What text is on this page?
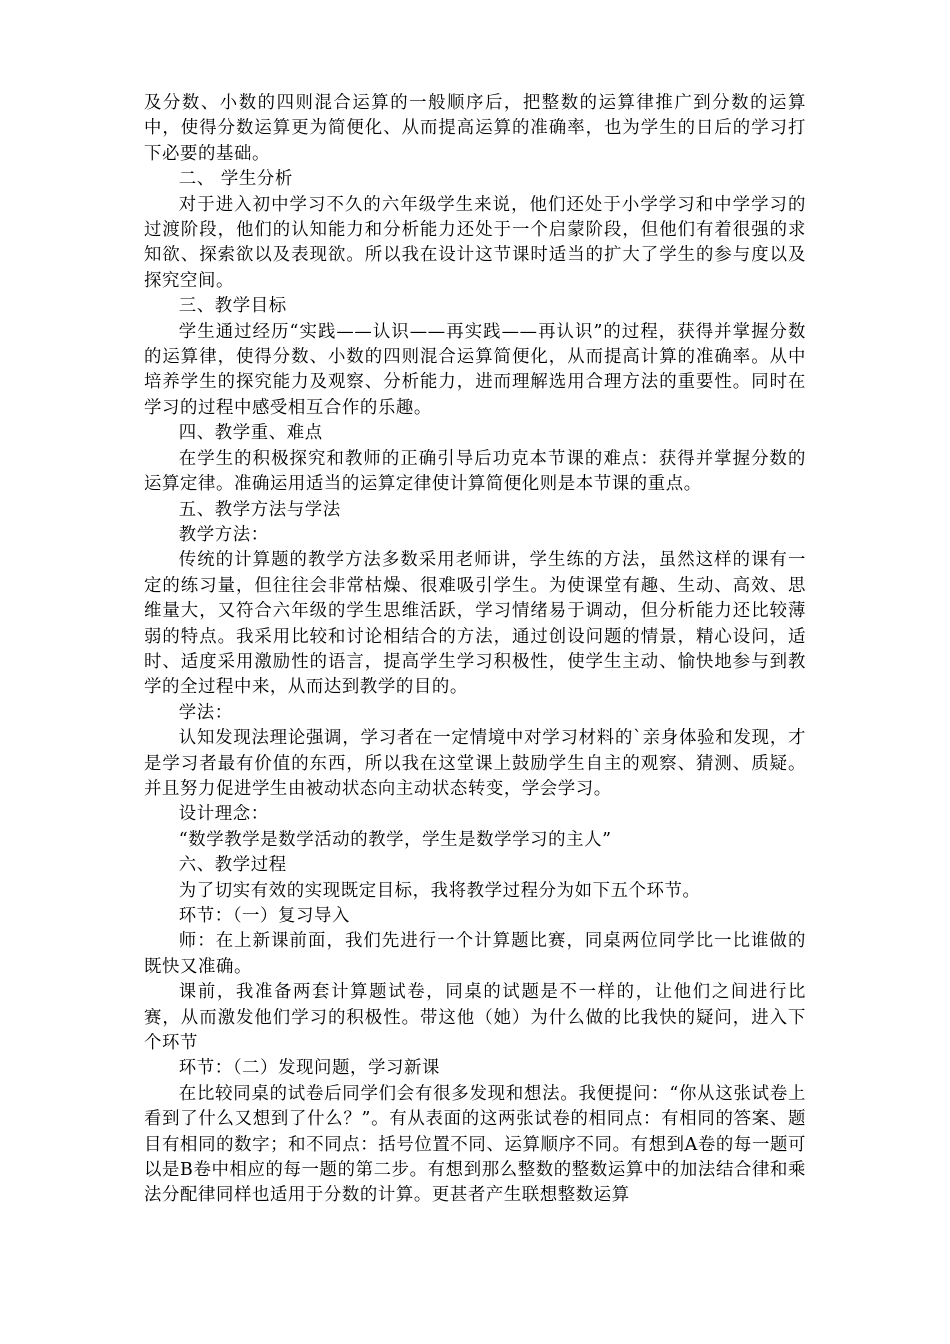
及分数、小数的四则混合运算的一般顺序后，把整数的运算律推广到分数的运算中，使得分数运算更为简便化、从而提高运算的准确率，也为学生的日后的学习打下必要的基础。

二、 学生分析

对于进入初中学习不久的六年级学生来说，他们还处于小学学习和中学学习的过渡阶段，他们的认知能力和分析能力还处于一个启蒙阶段，但他们有着很强的求知欲、探索欲以及表现欲。所以我在设计这节课时适当的扩大了学生的参与度以及探究空间。

三、教学目标

学生通过经历“实践——认识——再实践——再认识”的过程，获得并掌握分数的运算律，使得分数、小数的四则混合运算简便化，从而提高计算的准确率。从中培养学生的探究能力及观察、分析能力，进而理解选用合理方法的重要性。同时在学习的过程中感受相互合作的乐趣。

四、教学重、难点

在学生的积极探究和教师的正确引导后功克本节课的难点：获得并掌握分数的运算定律。准确运用适当的运算定律使计算简便化则是本节课的重点。

五、教学方法与学法

教学方法：

传统的计算题的教学方法多数采用老师讲，学生练的方法，虽然这样的课有一定的练习量，但往往会非常枯燥、很难吸引学生。为使课堂有趣、生动、高效、思维量大，又符合六年级的学生思维活跃，学习情绪易于调动，但分析能力还比较薄弱的特点。我采用比较和讨论相结合的方法，通过创设问题的情景，精心设问，适时、适度采用激励性的语言，提高学生学习积极性，使学生主动、愉快地参与到教学的全过程中来，从而达到教学的目的。

学法：

认知发现法理论强调，学习者在一定情境中对学习材料的`亲身体验和发现，才是学习者最有价值的东西，所以我在这堂课上鼓励学生自主的观察、猜测、质疑。并且努力促进学生由被动状态向主动状态转变，学会学习。

设计理念：

“数学教学是数学活动的教学，学生是数学学习的主人”

六、教学过程

为了切实有效的实现既定目标，我将教学过程分为如下五个环节。

环节：（一）复习导入

师：在上新课前面，我们先进行一个计算题比赛，同桌两位同学比一比谁做的既快又准确。

课前，我准备两套计算题试卷，同桌的试题是不一样的，让他们之间进行比赛，从而激发他们学习的积极性。带这他（她）为什么做的比我快的疑问，进入下个环节

环节：（二）发现问题，学习新课

在比较同桌的试卷后同学们会有很多发现和想法。我便提问：“你从这张试卷上看到了什么又想到了什么？”。有从表面的这两张试卷的相同点：有相同的答案、题目有相同的数字；和不同点：括号位置不同、运算顺序不同。有想到A卷的每一题可以是B卷中相应的每一题的第二步。有想到那么整数的整数运算中的加法结合律和乘法分配律同样也适用于分数的计算。更甚者产生联想整数运算
